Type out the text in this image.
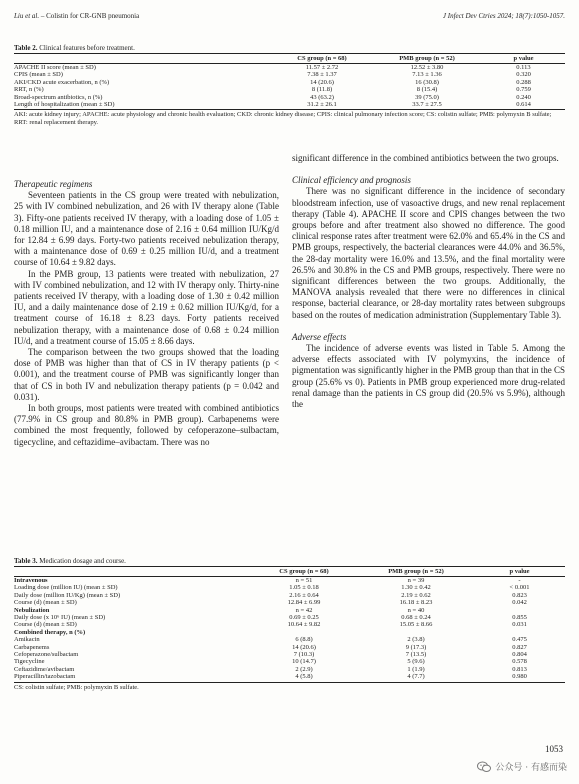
Liu et al. – Colistin for CR-GNB pneumonia	J Infect Dev Ctries 2024; 18(7):1050-1057.
Table 2. Clinical features before treatment.
	CS group (n = 68)	PMB group (n = 52)	p value
APACHE II score (mean ± SD)	11.57 ± 2.72	12.52 ± 3.80	0.113
CPIS (mean ± SD)	7.38 ± 1.37	7.13 ± 1.36	0.320
AKI/CKD acute exacerbation, n (%)	14 (20.6)	16 (30.8)	0.288
RRT, n (%)	8 (11.8)	8 (15.4)	0.759
Broad-spectrum antibiotics, n (%)	43 (63.2)	39 (75.0)	0.240
Length of hospitalization (mean ± SD)	31.2 ± 26.1	33.7 ± 27.5	0.614
AKI: acute kidney injury; APACHE: acute physiology and chronic health evaluation; CKD: chronic kidney disease; CPIS: clinical pulmonary infection score; CS: colistin sulfate; PMB: polymyxin B sulfate; RRT: renal replacement therapy.
Therapeutic regimens

Seventeen patients in the CS group were treated with nebulization, 25 with IV combined nebulization, and 26 with IV therapy alone (Table 3). Fifty-one patients received IV therapy, with a loading dose of 1.05 ± 0.18 million IU, and a maintenance dose of 2.16 ± 0.64 million IU/Kg/d for 12.84 ± 6.99 days. Forty-two patients received nebulization therapy, with a maintenance dose of 0.69 ± 0.25 million IU/d, and a treatment course of 10.64 ± 9.82 days.

In the PMB group, 13 patients were treated with nebulization, 27 with IV combined nebulization, and 12 with IV therapy only. Thirty-nine patients received IV therapy, with a loading dose of 1.30 ± 0.42 million IU, and a daily maintenance dose of 2.19 ± 0.62 million IU/Kg/d, for a treatment course of 16.18 ± 8.23 days. Forty patients received nebulization therapy, with a maintenance dose of 0.68 ± 0.24 million IU/d, and a treatment course of 15.05 ± 8.66 days.

The comparison between the two groups showed that the loading dose of PMB was higher than that of CS in IV therapy patients (p < 0.001), and the treatment course of PMB was significantly longer than that of CS in both IV and nebulization therapy patients (p = 0.042 and 0.031).

In both groups, most patients were treated with combined antibiotics (77.9% in CS group and 80.8% in PMB group). Carbapenems were combined the most frequently, followed by cefoperazone–sulbactam, tigecycline, and ceftazidime–avibactam. There was no

significant difference in the combined antibiotics between the two groups.

Clinical efficiency and prognosis

There was no significant difference in the incidence of secondary bloodstream infection, use of vasoactive drugs, and new renal replacement therapy (Table 4). APACHE II score and CPIS changes between the two groups before and after treatment also showed no difference. The good clinical response rates after treatment were 62.0% and 65.4% in the CS and PMB groups, respectively, the bacterial clearances were 44.0% and 36.5%, the 28-day mortality were 16.0% and 13.5%, and the final mortality were 26.5% and 30.8% in the CS and PMB groups, respectively. There were no significant differences between the two groups. Additionally, the MANOVA analysis revealed that there were no differences in clinical response, bacterial clearance, or 28-day mortality rates between subgroups based on the routes of medication administration (Supplementary Table 3).

Adverse effects

The incidence of adverse events was listed in Table 5. Among the adverse effects associated with IV polymyxins, the incidence of pigmentation was significantly higher in the PMB group than that in the CS group (25.6% vs 0). Patients in PMB group experienced more drug-related renal damage than the patients in CS group did (20.5% vs 5.9%), although the

Table 3. Medication dosage and course.
	CS group (n = 68)	PMB group (n = 52)	p value
Intravenous	n = 51	n = 39	-
Loading dose (million IU) (mean ± SD)	1.05 ± 0.18	1.30 ± 0.42	< 0.001
Daily dose (million IU/Kg) (mean ± SD)	2.16 ± 0.64	2.19 ± 0.62	0.823
Course (d) (mean ± SD)	12.84 ± 6.99	16.18 ± 8.23	0.042
Nebulization	n = 42	n = 40	
Daily dose (x 10⁶ IU) (mean ± SD)	0.69 ± 0.25	0.68 ± 0.24	0.855
Course (d) (mean ± SD)	10.64 ± 9.82	15.05 ± 8.66	0.031
Combined therapy, n (%)			
Amikacin	6 (8.8)	2 (3.8)	0.475
Carbapenems	14 (20.6)	9 (17.3)	0.827
Cefoperazone/sulbactam	7 (10.3)	7 (13.5)	0.804
Tigecycline	10 (14.7)	5 (9.6)	0.578
Ceftazidime/avibactam	2 (2.9)	1 (1.9)	0.813
Piperacillin/tazobactam	4 (5.8)	4 (7.7)	0.980
CS: colistin sulfate; PMB: polymyxin B sulfate.
1053
公众号 · 有感而染
